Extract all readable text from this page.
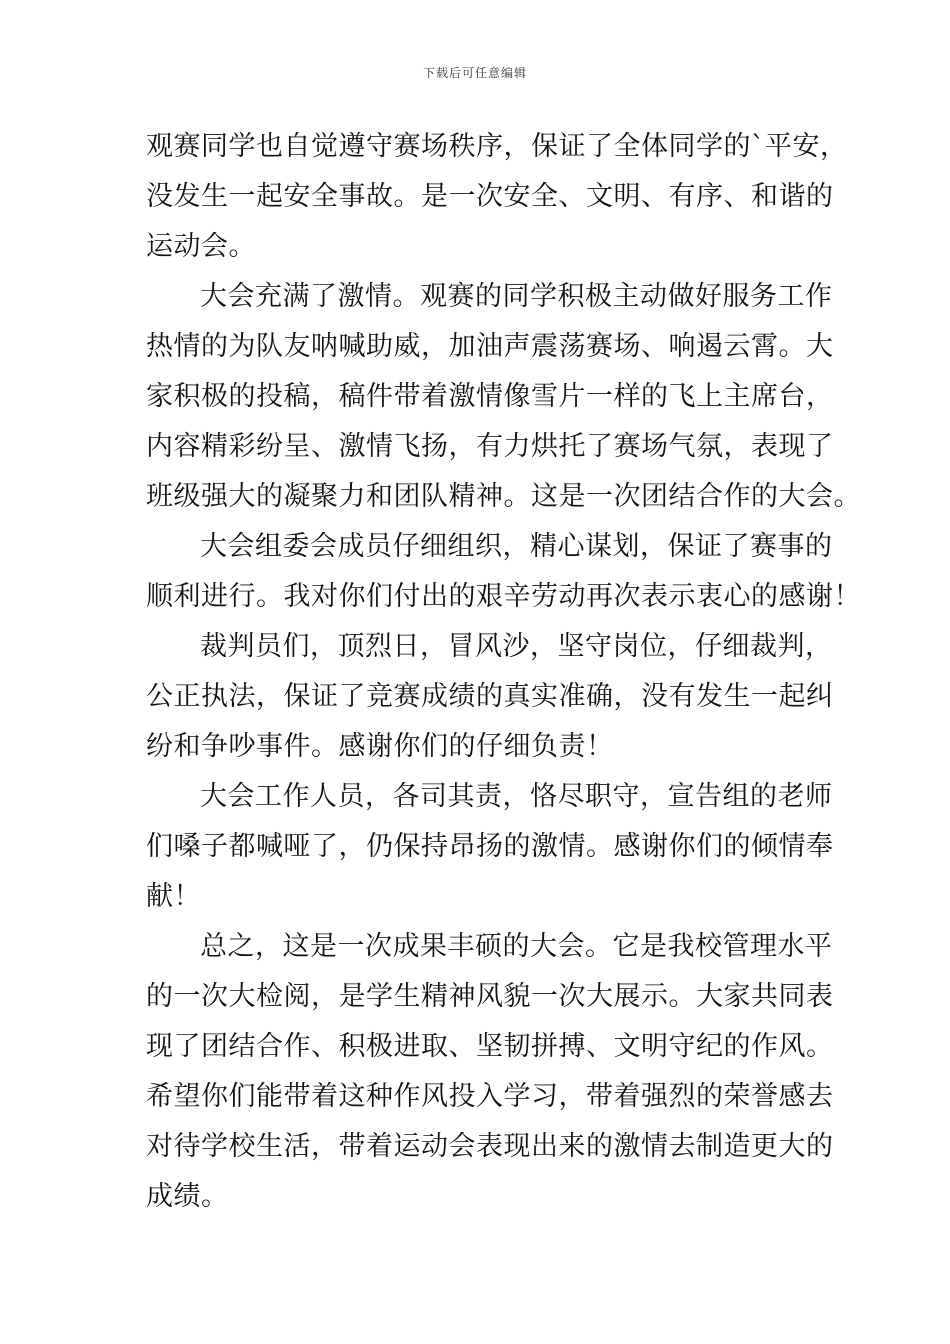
下载后可任意编辑
观赛同学也自觉遵守赛场秩序，保证了全体同学的`平安，
没发生一起安全事故。是一次安全、文明、有序、和谐的
运动会。
大会充满了激情。观赛的同学积极主动做好服务工作
热情的为队友呐喊助威，加油声震荡赛场、响遏云霄。大
家积极的投稿，稿件带着激情像雪片一样的飞上主席台，
内容精彩纷呈、激情飞扬，有力烘托了赛场气氛，表现了
班级强大的凝聚力和团队精神。这是一次团结合作的大会。
大会组委会成员仔细组织，精心谋划，保证了赛事的
顺利进行。我对你们付出的艰辛劳动再次表示衷心的感谢！
裁判员们，顶烈日，冒风沙，坚守岗位，仔细裁判，
公正执法，保证了竞赛成绩的真实准确，没有发生一起纠
纷和争吵事件。感谢你们的仔细负责！
大会工作人员，各司其责，恪尽职守，宣告组的老师
们嗓子都喊哑了，仍保持昂扬的激情。感谢你们的倾情奉
献！
总之，这是一次成果丰硕的大会。它是我校管理水平
的一次大检阅，是学生精神风貌一次大展示。大家共同表
现了团结合作、积极进取、坚韧拼搏、文明守纪的作风。
希望你们能带着这种作风投入学习，带着强烈的荣誉感去
对待学校生活，带着运动会表现出来的激情去制造更大的
成绩。
